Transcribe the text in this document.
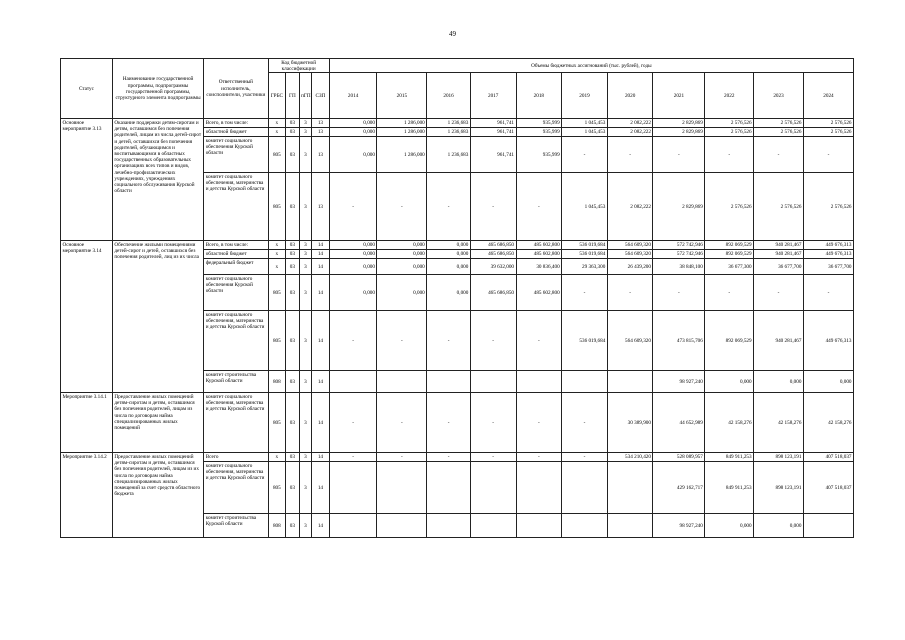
49
Статус	Наименование государственной программы, подпрограммы государственной программы, структурного элемента подпрограммы	Ответственный исполнитель, соисполнители, участники	Код бюджетной классификации				Объемы бюджетных ассигнований (тыс. рублей), годы										
			ГРБС	ГП	пГП	СЗП	2014	2015	2016	2017	2018	2019	2020	2021	2022	2023	2024
Основное мероприятие 3.13	Оказание поддержки детям-сиротам и детям, оставшимся без попечения родителей, лицам из числа детей-сирот и детей, оставшихся без попечения родителей, обучающимся и воспитывающимся в областных государственных образовательных организациях всех типов и видов, лечебно-профилактических учреждениях, учреждениях социального обслуживания Курской области	Всего, в том числе:	х	03	3	13	0,000	1 286,000	1 236,683	961,741	935,999	1 045,453	2 082,222	2 829,869	2 576,526	2 576,526	2 576,526
		областной бюджет	х	03	3	13	0,000	1 286,000	1 236,683	961,741	935,999	1 045,453	2 082,222	2 829,869	2 576,526	2 576,526	2 576,526
		комитет социального обеспечения Курской области	805	03	3	13	0,000	1 286,000	1 236,683	961,741	935,999	-	-	-	-	-	-
		комитет социального обеспечения, материнства и детства Курской области	805	03	3	13	-	-	-	-	-	1 045,453	2 082,222	2 829,869	2 576,526	2 576,526	2 576,526
Основное мероприятие 3.14	Обеспечение жилыми помещениями детей-сирот и детей, оставшихся без попечения родителей, лиц из их числа	Всего, в том числе:	х	03	3	14	0,000	0,000	0,000	465 686,850	485 602,800	536 019,684	564 609,320	572 742,946	892 069,529	940 281,467	449 676,313
		областной бюджет	х	03	3	14	0,000	0,000	0,000	465 686,850	485 602,800	536 019,684	564 609,320	572 742,946	892 069,529	940 281,467	449 676,313
		федеральный бюджет	х	03	3	14	0,000	0,000	0,000	39 632,000	30 836,400	29 363,300	26 439,200	38 848,100	36 677,300	36 677,700	36 677,700
		комитет социального обеспечения Курской области	805	03	3	14	0,000	0,000	0,000	465 686,850	485 602,800	-	-	-	-	-	-
		комитет социального обеспечения, материнства и детства Курской области	805	03	3	14	-	-	-	-	-	536 019,684	564 609,320	473 815,706	892 069,529	940 281,467	449 676,313
		комитет строительства Курской области	808	03	3	14								98 927,240	0,000	0,000	0,000
Мероприятие 3.14.1	Предоставление жилых помещений детям-сиротам и детям, оставшимся без попечения родителей, лицам из числа по договорам найма специализированных жилых помещений	комитет социального обеспечения, материнства и детства Курской области	805	03	3	14	-	-	-	-	-	-	30 389,900	44 652,989	42 158,276	42 158,276	42 158,276
Мероприятие 3.14.2	Предоставление жилых помещений детям-сиротам и детям, оставшимся без попечения родителей, лицам из их числа по договорам найма специализированных жилых помещений за счет средств областного бюджета	Всего	х	03	3	14	-	-	-	-	-	-	534 210,420	528 089,957	849 911,253	898 123,191	407 518,037
		комитет социального обеспечения, материнства и детства Курской области	805	03	3	14								429 162,717	849 911,253	898 123,191	407 518,037
		комитет строительства Курской области	808	03	3	14								98 927,240	0,000	0,000	
